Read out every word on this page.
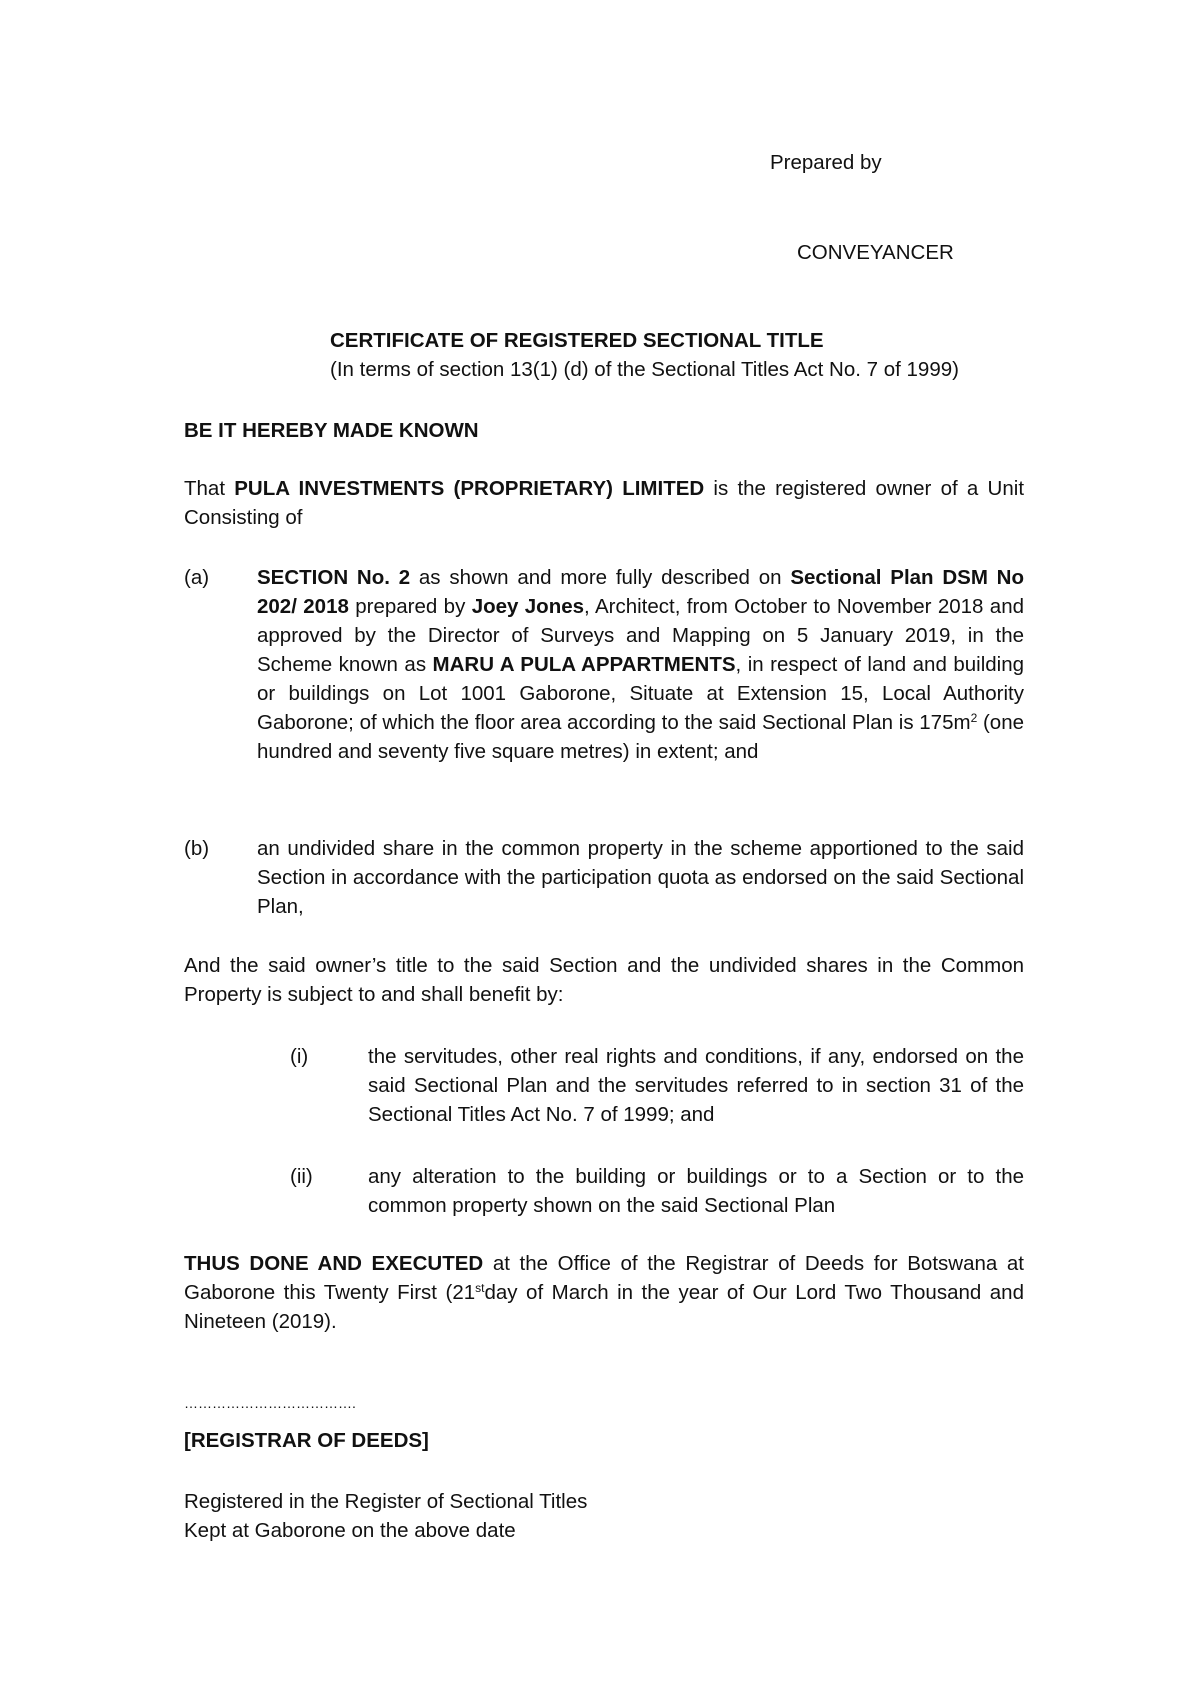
Prepared by
CONVEYANCER
CERTIFICATE OF REGISTERED SECTIONAL TITLE
(In terms of section 13(1) (d) of the Sectional Titles Act No. 7 of 1999)
BE IT HEREBY MADE KNOWN
That PULA INVESTMENTS (PROPRIETARY) LIMITED is the registered owner of a Unit Consisting of
(a) SECTION No. 2 as shown and more fully described on Sectional Plan DSM No 202/ 2018 prepared by Joey Jones, Architect, from October to November 2018 and approved by the Director of Surveys and Mapping on 5 January 2019, in the Scheme known as MARU A PULA APPARTMENTS, in respect of land and building or buildings on Lot 1001 Gaborone, Situate at Extension 15, Local Authority Gaborone; of which the floor area according to the said Sectional Plan is $175m^2$ (one hundred and seventy five square metres) in extent; and
(b) an undivided share in the common property in the scheme apportioned to the said Section in accordance with the participation quota as endorsed on the said Sectional Plan,
And the said owner’s title to the said Section and the undivided shares in the Common Property is subject to and shall benefit by:
(i)	the servitudes, other real rights and conditions, if any, endorsed on the said Sectional Plan and the servitudes referred to in section 31 of the Sectional Titles Act No. 7 of 1999; and
(ii)	any alteration to the building or buildings or to a Section or to the common property shown on the said Sectional Plan
THUS DONE AND EXECUTED at the Office of the Registrar of Deeds for Botswana at Gaborone this Twenty First (21stday of March in the year of Our Lord Two Thousand and Nineteen (2019).
……………………………….
[REGISTRAR OF DEEDS]
Registered in the Register of Sectional Titles
Kept at Gaborone on the above date
